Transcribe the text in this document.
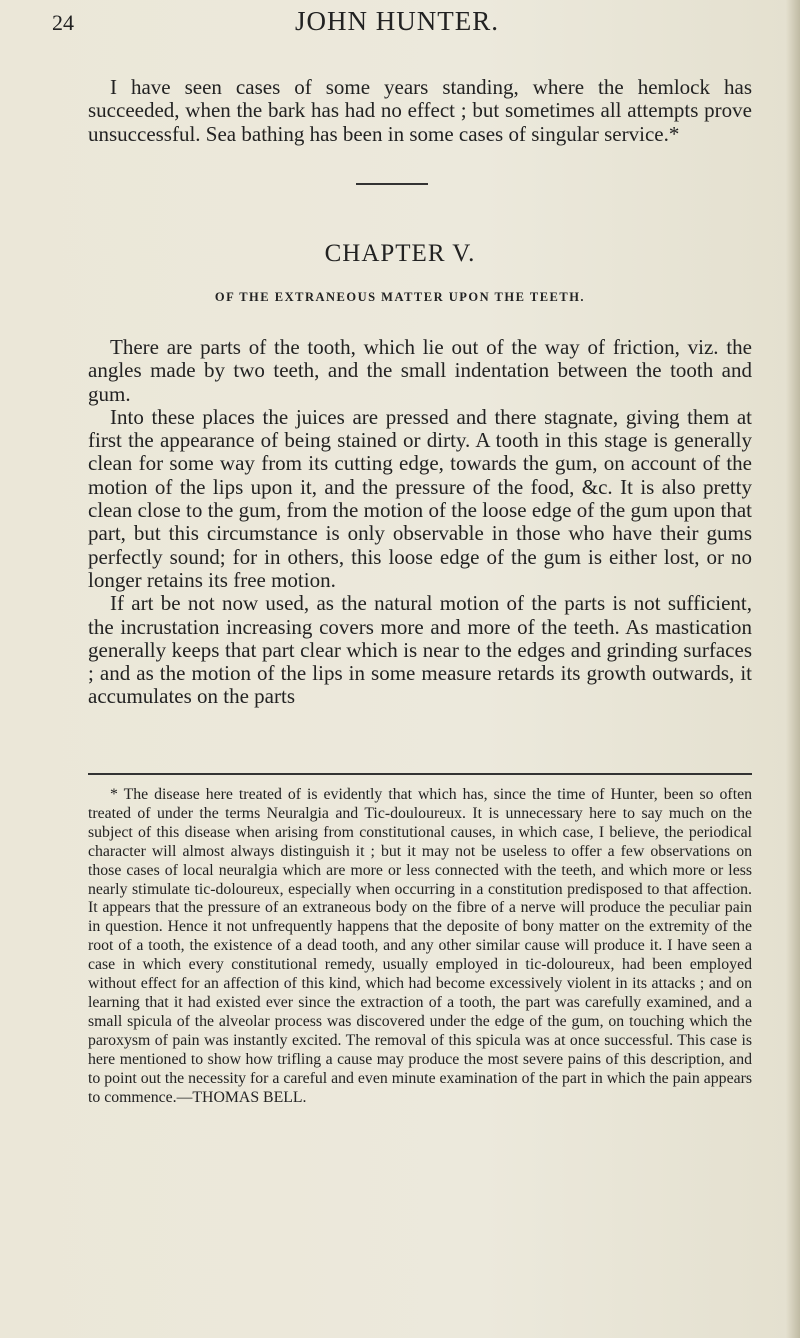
24	JOHN HUNTER.

I have seen cases of some years standing, where the hemlock has succeeded, when the bark has had no effect ; but sometimes all attempts prove unsuccessful. Sea bathing has been in some cases of singular service.*

CHAPTER V.
OF THE EXTRANEOUS MATTER UPON THE TEETH.

There are parts of the tooth, which lie out of the way of friction, viz. the angles made by two teeth, and the small indentation between the tooth and gum.

Into these places the juices are pressed and there stagnate, giving them at first the appearance of being stained or dirty. A tooth in this stage is generally clean for some way from its cutting edge, towards the gum, on account of the motion of the lips upon it, and the pressure of the food, &c. It is also pretty clean close to the gum, from the motion of the loose edge of the gum upon that part, but this circumstance is only observable in those who have their gums perfectly sound; for in others, this loose edge of the gum is either lost, or no longer retains its free motion.

If art be not now used, as the natural motion of the parts is not sufficient, the incrustation increasing covers more and more of the teeth. As mastication generally keeps that part clear which is near to the edges and grinding surfaces ; and as the motion of the lips in some measure retards its growth outwards, it accumulates on the parts

* The disease here treated of is evidently that which has, since the time of Hunter, been so often treated of under the terms Neuralgia and Tic-douloureux. It is unnecessary here to say much on the subject of this disease when arising from constitutional causes, in which case, I believe, the periodical character will almost always distinguish it ; but it may not be useless to offer a few observations on those cases of local neuralgia which are more or less connected with the teeth, and which more or less nearly stimulate tic-doloureux, especially when occurring in a constitution predisposed to that affection. It appears that the pressure of an extraneous body on the fibre of a nerve will produce the peculiar pain in question. Hence it not unfrequently happens that the deposite of bony matter on the extremity of the root of a tooth, the existence of a dead tooth, and any other similar cause will produce it. I have seen a case in which every constitutional remedy, usually employed in tic-doloureux, had been employed without effect for an affection of this kind, which had become excessively violent in its attacks ; and on learning that it had existed ever since the extraction of a tooth, the part was carefully examined, and a small spicula of the alveolar process was discovered under the edge of the gum, on touching which the paroxysm of pain was instantly excited. The removal of this spicula was at once successful. This case is here mentioned to show how trifling a cause may produce the most severe pains of this description, and to point out the necessity for a careful and even minute examination of the part in which the pain appears to commence.—THOMAS BELL.
